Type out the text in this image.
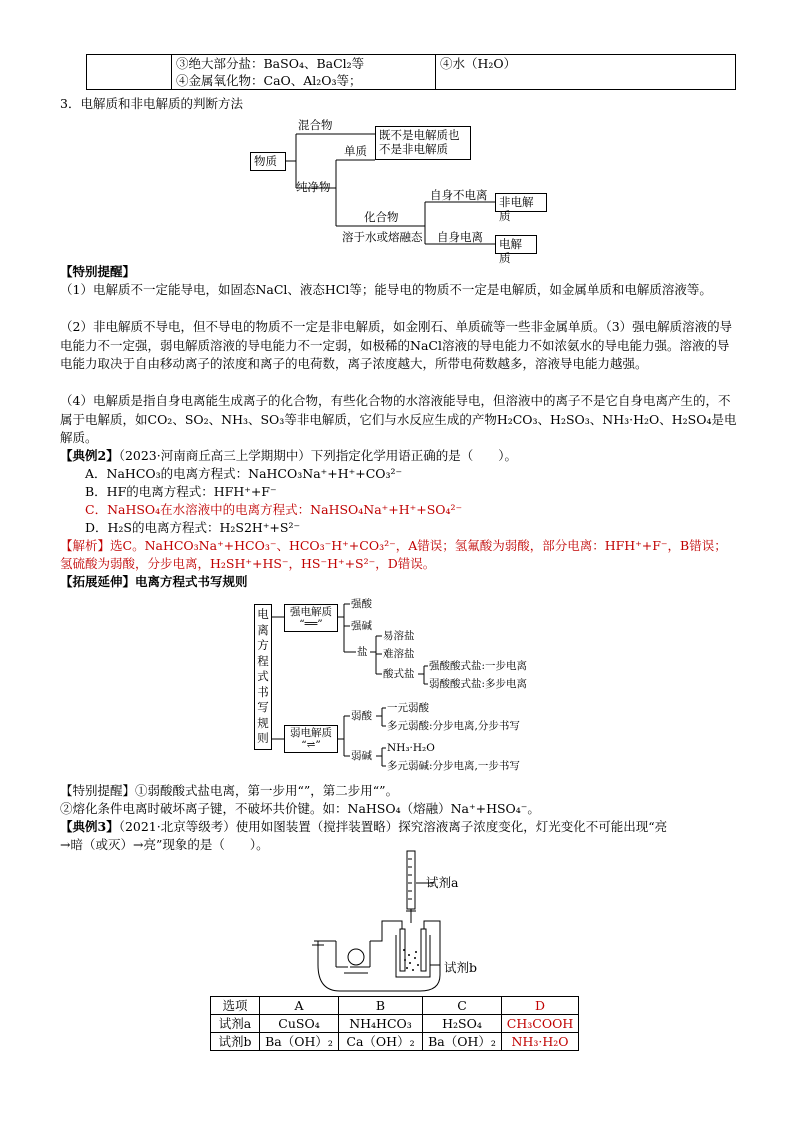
③绝大部分盐：BaSO₄、BaCl₂等
④金属氧化物：CaO、Al₂O₃等；
	④水（H₂O）
3．电解质和非电解质的判断方法
物质
混合物
单质
纯净物
既不是电解质也
不是非电解质
化合物
溶于水或熔融态
自身不电离	非电解质
自身电离	电解质
【特别提醒】
（1）电解质不一定能导电，如固态NaCl、液态HCl等；能导电的物质不一定是电解质，如金属单质和电解质溶液等。
（2）非电解质不导电，但不导电的物质不一定是非电解质，如金刚石、单质硫等一些非金属单质。（3）强电解质溶液的导电能力不一定强，弱电解质溶液的导电能力不一定弱，如极稀的NaCl溶液的导电能力不如浓氨水的导电能力强。溶液的导电能力取决于自由移动离子的浓度和离子的电荷数，离子浓度越大，所带电荷数越多，溶液导电能力越强。
（4）电解质是指自身电离能生成离子的化合物，有些化合物的水溶液能导电，但溶液中的离子不是它自身电离产生的，不属于电解质，如CO₂、SO₂、NH₃、SO₃等非电解质，它们与水反应生成的产物H₂CO₃、H₂SO₃、NH₃·H₂O、H₂SO₄是电解质。
【典例2】（2023·河南商丘高三上学期期中）下列指定化学用语正确的是（　　）。
A．NaHCO₃的电离方程式：NaHCO₃Na⁺+H⁺+CO₃²⁻
B．HF的电离方程式：HFH⁺+F⁻
C．NaHSO₄在水溶液中的电离方程式：NaHSO₄Na⁺+H⁺+SO₄²⁻
D．H₂S的电离方程式：H₂S2H⁺+S²⁻
【解析】选C。NaHCO₃Na⁺+HCO₃⁻、HCO₃⁻H⁺+CO₃²⁻，A错误；氢氟酸为弱酸，部分电离：HFH⁺+F⁻，B错误；
氢硫酸为弱酸，分步电离，H₂SH⁺+HS⁻，HS⁻H⁺+S²⁻，D错误。
【拓展延伸】电离方程式书写规则
电
离
方
程
式
书
写
规
则
强电解质
“══”
弱电解质
“⇌”
强酸
强碱
盐
易溶盐
难溶盐
酸式盐
强酸酸式盐:一步电离
弱酸酸式盐:多步电离
弱酸
一元弱酸
多元弱酸:分步电离,分步书写
弱碱
NH₃·H₂O
多元弱碱:分步电离,一步书写
【特别提醒】①弱酸酸式盐电离，第一步用“”，第二步用“”。
②熔化条件电离时破坏离子键，不破坏共价键。如：NaHSO₄（熔融）Na⁺+HSO₄⁻。
【典例3】（2021·北京等级考）使用如图装置（搅拌装置略）探究溶液离子浓度变化，灯光变化不可能出现“亮
→暗（或灭）→亮”现象的是（　　）。
试剂a
试剂b
选项	A	B	C	D
试剂a	CuSO₄	NH₄HCO₃	H₂SO₄	CH₃COOH
试剂b	Ba（OH）₂	Ca（OH）₂	Ba（OH）₂	NH₃·H₂O
